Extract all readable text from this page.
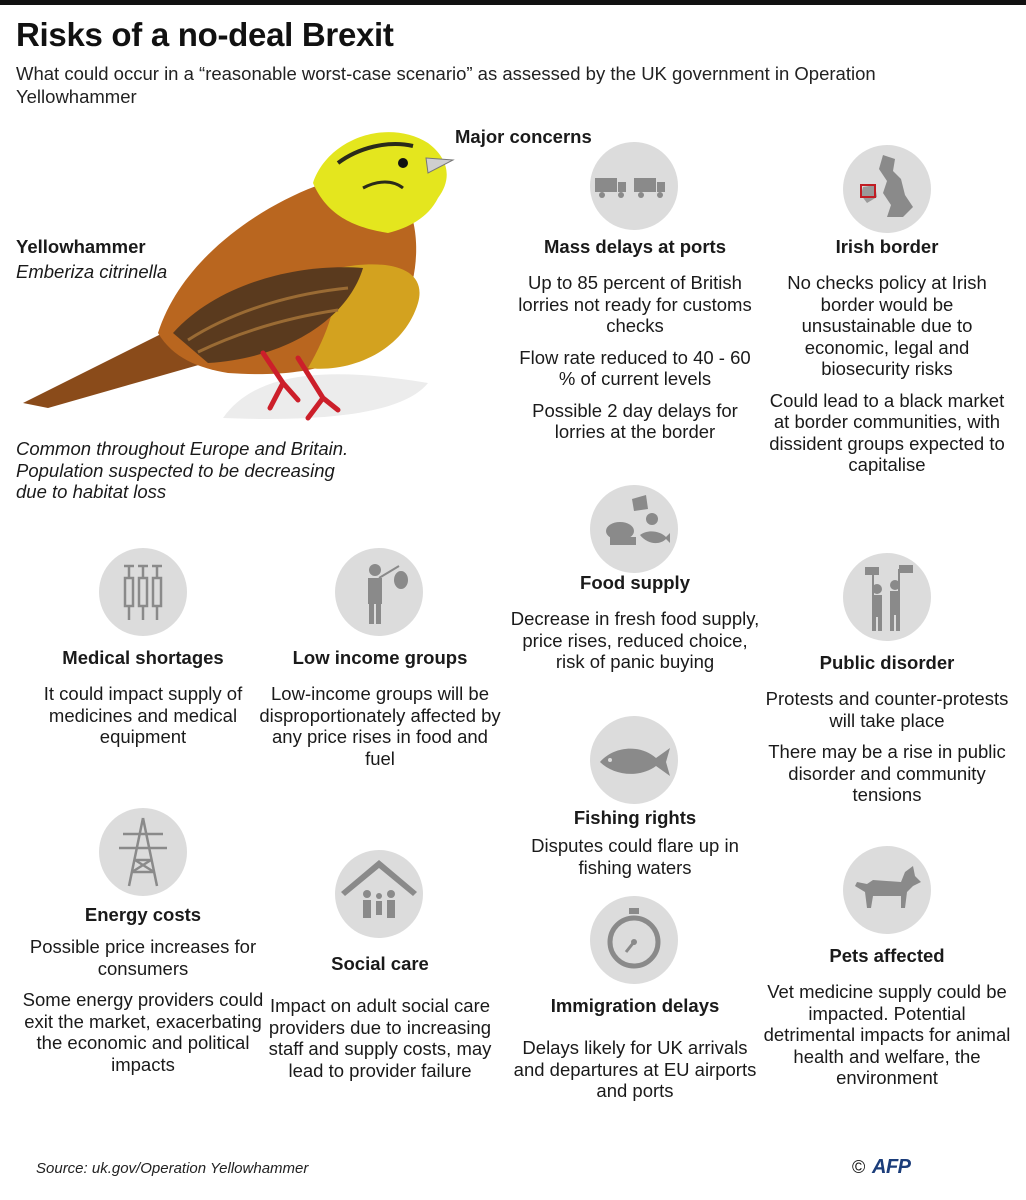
Risks of a no-deal Brexit
What could occur in a “reasonable worst-case scenario” as assessed by the UK government in Operation Yellowhammer
Major concerns
Yellowhammer
Emberiza citrinella
Common throughout Europe and Britain. Population suspected to be decreasing due to habitat loss
Mass delays at ports
Up to 85 percent of British lorries not ready for customs checks
Flow rate reduced to 40 - 60 % of current levels
Possible 2 day delays for lorries at the border
Irish border
No checks policy at Irish border would be unsustainable due to economic, legal and biosecurity risks
Could lead to a black market at border communities, with dissident groups expected to capitalise
Food supply
Decrease in fresh food supply, price rises, reduced choice, risk of panic buying
Medical shortages
It could impact supply of medicines and medical equipment
Low income groups
Low-income groups will be disproportionately affected by any price rises in food and fuel
Public disorder
Protests and counter-protests will take place
There may be a rise in public disorder and community tensions
Fishing rights
Disputes could flare up in fishing waters
Energy costs
Possible price increases for consumers
Some energy providers could exit the market, exacerbating the economic and political impacts
Social care
Impact on adult social care providers due to increasing staff and supply costs, may lead to provider failure
Immigration delays
Delays likely for UK arrivals and departures at EU airports and ports
Pets affected
Vet medicine supply could be impacted. Potential detrimental impacts for animal health and welfare, the environment
Source: uk.gov/Operation Yellowhammer	© AFP
